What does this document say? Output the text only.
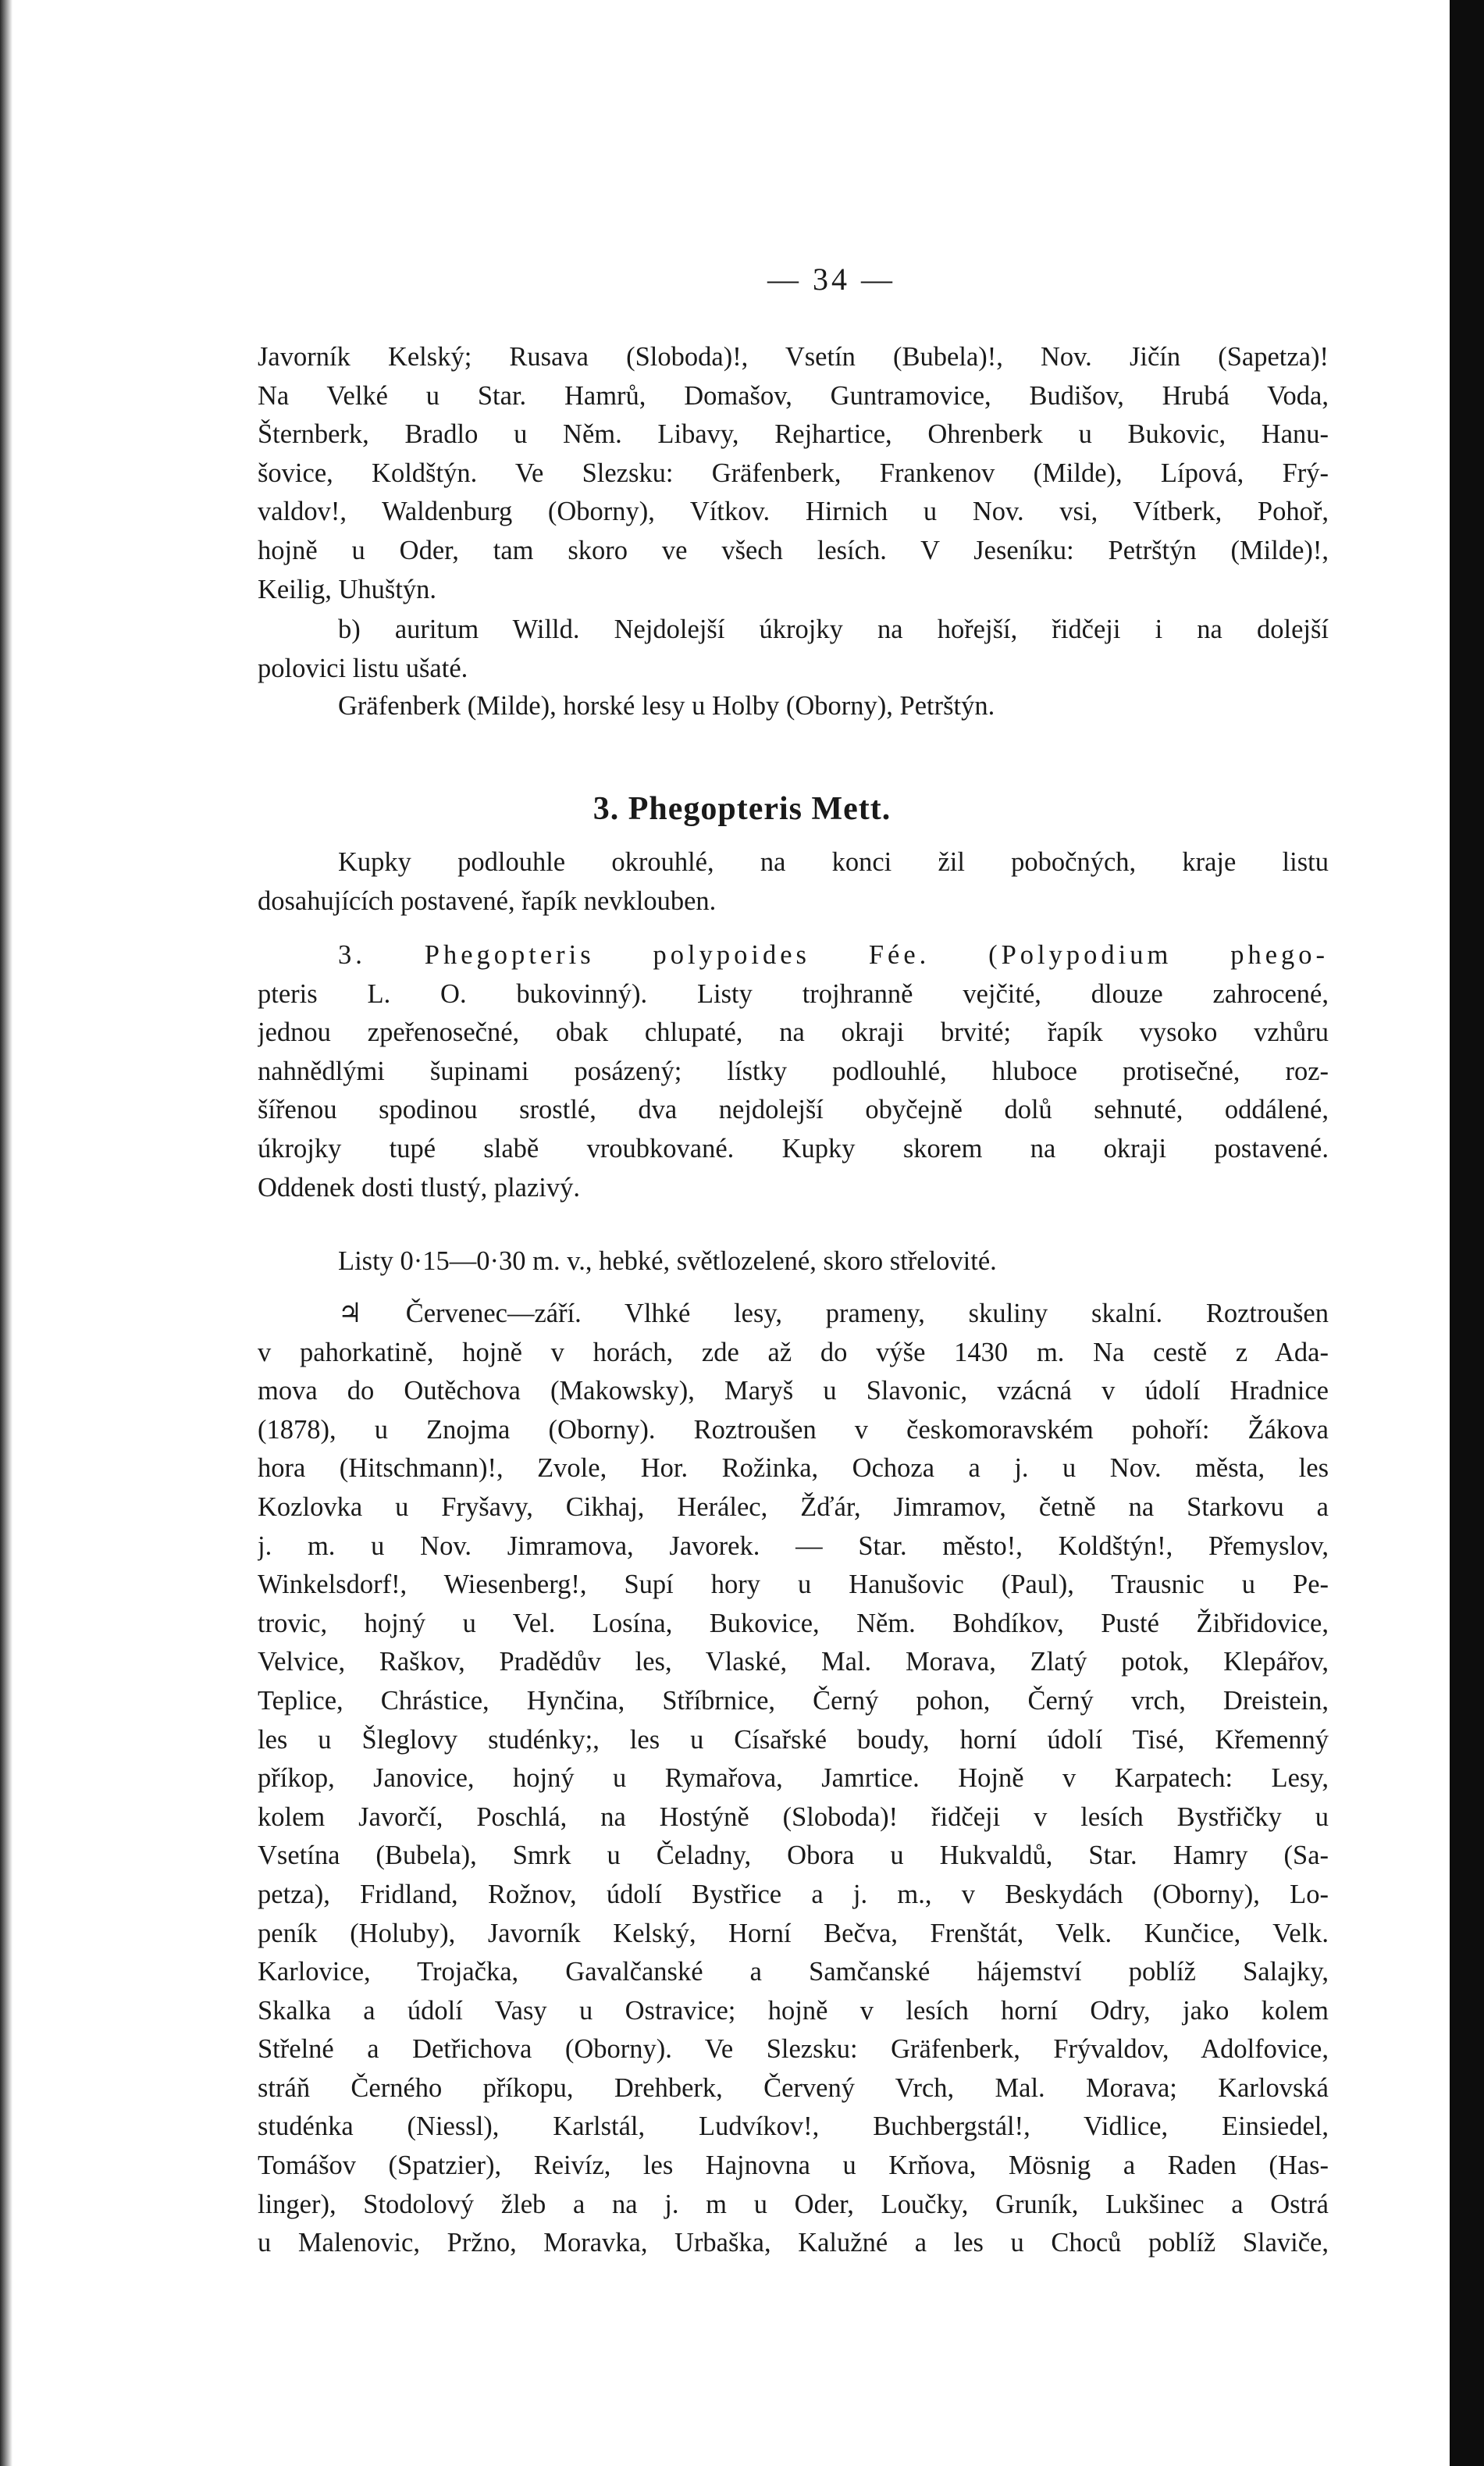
— 34 —
Javorník Kelský; Rusava (Sloboda)!, Vsetín (Bubela)!, Nov. Jičín (Sapetza)!
Na Velké u Star. Hamrů, Domašov, Guntramovice, Budišov, Hrubá Voda,
Šternberk, Bradlo u Něm. Libavy, Rejhartice, Ohrenberk u Bukovic, Hanu-
šovice, Koldštýn. Ve Slezsku: Gräfenberk, Frankenov (Milde), Lípová, Frý-
valdov!, Waldenburg (Oborny), Vítkov. Hirnich u Nov. vsi, Vítberk, Pohoř,
hojně u Oder, tam skoro ve všech lesích. V Jeseníku: Petrštýn (Milde)!,
Keilig, Uhuštýn.
b) auritum Willd. Nejdolejší úkrojky na hořejší, řidčeji i na dolejší
polovici listu ušaté.
Gräfenberk (Milde), horské lesy u Holby (Oborny), Petrštýn.
3. Phegopteris Mett.
Kupky podlouhle okrouhlé, na konci žil pobočných, kraje listu
dosahujících postavené, řapík nevklouben.
3. Phegopteris polypoides Fée. (Polypodium phego-
pteris L. O. bukovinný). Listy trojhranně vejčité, dlouze zahrocené,
jednou zpeřenosečné, obak chlupaté, na okraji brvité; řapík vysoko vzhůru
nahnědlými šupinami posázený; lístky podlouhlé, hluboce protisečné, roz-
šířenou spodinou srostlé, dva nejdolejší obyčejně dolů sehnuté, oddálené,
úkrojky tupé slabě vroubkované. Kupky skorem na okraji postavené.
Oddenek dosti tlustý, plazivý.
Listy 0·15—0·30 m. v., hebké, světlozelené, skoro střelovité.
♃ Červenec—září. Vlhké lesy, prameny, skuliny skalní. Roztroušen
v pahorkatině, hojně v horách, zde až do výše 1430 m. Na cestě z Ada-
mova do Outěchova (Makowsky), Maryš u Slavonic, vzácná v údolí Hradnice
(1878), u Znojma (Oborny). Roztroušen v českomoravském pohoří: Žákova
hora (Hitschmann)!, Zvole, Hor. Rožinka, Ochoza a j. u Nov. města, les
Kozlovka u Fryšavy, Cikhaj, Herálec, Žďár, Jimramov, četně na Starkovu a
j. m. u Nov. Jimramova, Javorek. — Star. město!, Koldštýn!, Přemyslov,
Winkelsdorf!, Wiesenberg!, Supí hory u Hanušovic (Paul), Trausnic u Pe-
trovic, hojný u Vel. Losína, Bukovice, Něm. Bohdíkov, Pusté Žibřidovice,
Velvice, Raškov, Pradědův les, Vlaské, Mal. Morava, Zlatý potok, Klepářov,
Teplice, Chrástice, Hynčina, Stříbrnice, Černý pohon, Černý vrch, Dreistein,
les u Šleglovy studénky;, les u Císařské boudy, horní údolí Tisé, Křemenný
příkop, Janovice, hojný u Rymařova, Jamrtice. Hojně v Karpatech: Lesy,
kolem Javorčí, Poschlá, na Hostýně (Sloboda)! řidčeji v lesích Bystřičky u
Vsetína (Bubela), Smrk u Čeladny, Obora u Hukvaldů, Star. Hamry (Sa-
petza), Fridland, Rožnov, údolí Bystřice a j. m., v Beskydách (Oborny), Lo-
peník (Holuby), Javorník Kelský, Horní Bečva, Frenštát, Velk. Kunčice, Velk.
Karlovice, Trojačka, Gavalčanské a Samčanské hájemství poblíž Salajky,
Skalka a údolí Vasy u Ostravice; hojně v lesích horní Odry, jako kolem
Střelné a Detřichova (Oborny). Ve Slezsku: Gräfenberk, Frývaldov, Adolfovice,
stráň Černého příkopu, Drehberk, Červený Vrch, Mal. Morava; Karlovská
studénka (Niessl), Karlstál, Ludvíkov!, Buchbergstál!, Vidlice, Einsiedel,
Tomášov (Spatzier), Reivíz, les Hajnovna u Krňova, Mösnig a Raden (Has-
linger), Stodolový žleb a na j. m u Oder, Loučky, Gruník, Lukšinec a Ostrá
u Malenovic, Pržno, Moravka, Urbaška, Kalužné a les u Choců poblíž Slaviče,
